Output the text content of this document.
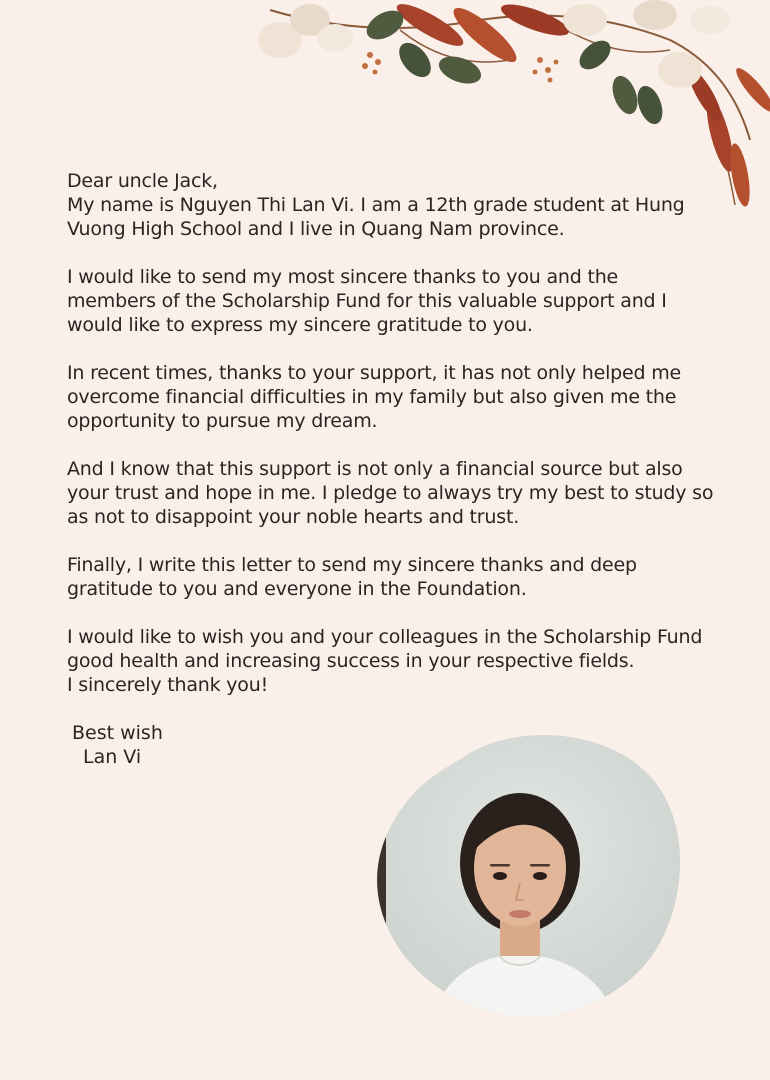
Dear uncle Jack,
My name is Nguyen Thi Lan Vi. I am a 12th grade student at Hung
Vuong High School and I live in Quang Nam province.

I would like to send my most sincere thanks to you and the
members of the Scholarship Fund for this valuable support and I
would like to express my sincere gratitude to you.

In recent times, thanks to your support, it has not only helped me
overcome financial difficulties in my family but also given me the
opportunity to pursue my dream.

And I know that this support is not only a financial source but also
your trust and hope in me. I pledge to always try my best to study so
as not to disappoint your noble hearts and trust.

Finally, I write this letter to send my sincere thanks and deep
gratitude to you and everyone in the Foundation.

I would like to wish you and your colleagues in the Scholarship Fund
good health and increasing success in your respective fields.
I sincerely thank you!

Best wish
Lan Vi
